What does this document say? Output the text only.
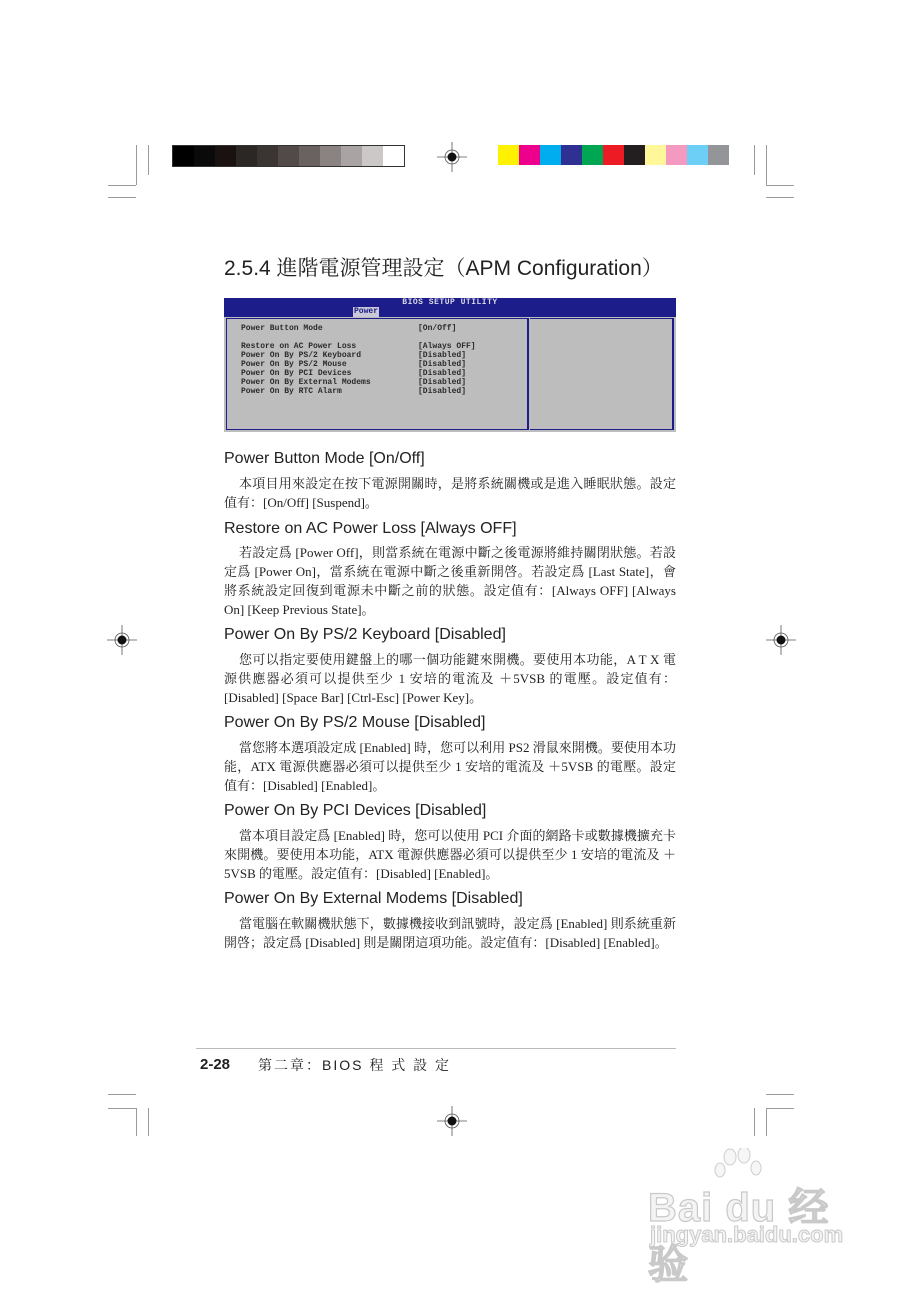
2.5.4 進階電源管理設定（APM Configuration）
BIOS SETUP UTILITY
Power
Power Button Mode	[On/Off]
Restore on AC Power Loss	[Always OFF]
Power On By PS/2 Keyboard	[Disabled]
Power On By PS/2 Mouse	[Disabled]
Power On By PCI Devices	[Disabled]
Power On By External Modems	[Disabled]
Power On By RTC Alarm	[Disabled]
Power Button Mode [On/Off]

本項目用來設定在按下電源開關時，是將系統關機或是進入睡眠狀態。設定值有：[On/Off] [Suspend]。

Restore on AC Power Loss [Always OFF]

若設定爲 [Power Off]，則當系統在電源中斷之後電源將維持關閉狀態。若設定爲 [Power On]，當系統在電源中斷之後重新開啓。若設定爲 [Last State]，會將系統設定回復到電源未中斷之前的狀態。設定值有：[Always OFF] [Always On] [Keep Previous State]。

Power On By PS/2 Keyboard [Disabled]

您可以指定要使用鍵盤上的哪一個功能鍵來開機。要使用本功能，A T X 電源供應器必須可以提供至少 1 安培的電流及 ＋5VSB 的電壓。設定值有：[Disabled] [Space Bar] [Ctrl-Esc] [Power Key]。

Power On By PS/2 Mouse [Disabled]

當您將本選項設定成 [Enabled] 時，您可以利用 PS2 滑鼠來開機。要使用本功能，ATX 電源供應器必須可以提供至少 1 安培的電流及 ＋5VSB 的電壓。設定值有：[Disabled] [Enabled]。

Power On By PCI Devices [Disabled]

當本項目設定爲 [Enabled] 時，您可以使用 PCI 介面的網路卡或數據機擴充卡來開機。要使用本功能，ATX 電源供應器必須可以提供至少 1 安培的電流及 ＋5VSB 的電壓。設定值有：[Disabled] [Enabled]。

Power On By External Modems [Disabled]

當電腦在軟關機狀態下，數據機接收到訊號時，設定爲 [Enabled] 則系統重新開啓；設定爲 [Disabled] 則是關閉這項功能。設定值有：[Disabled] [Enabled]。

2-28 第二章：BIOS 程 式 設 定
Bai du 经验
jingyan.baidu.com
